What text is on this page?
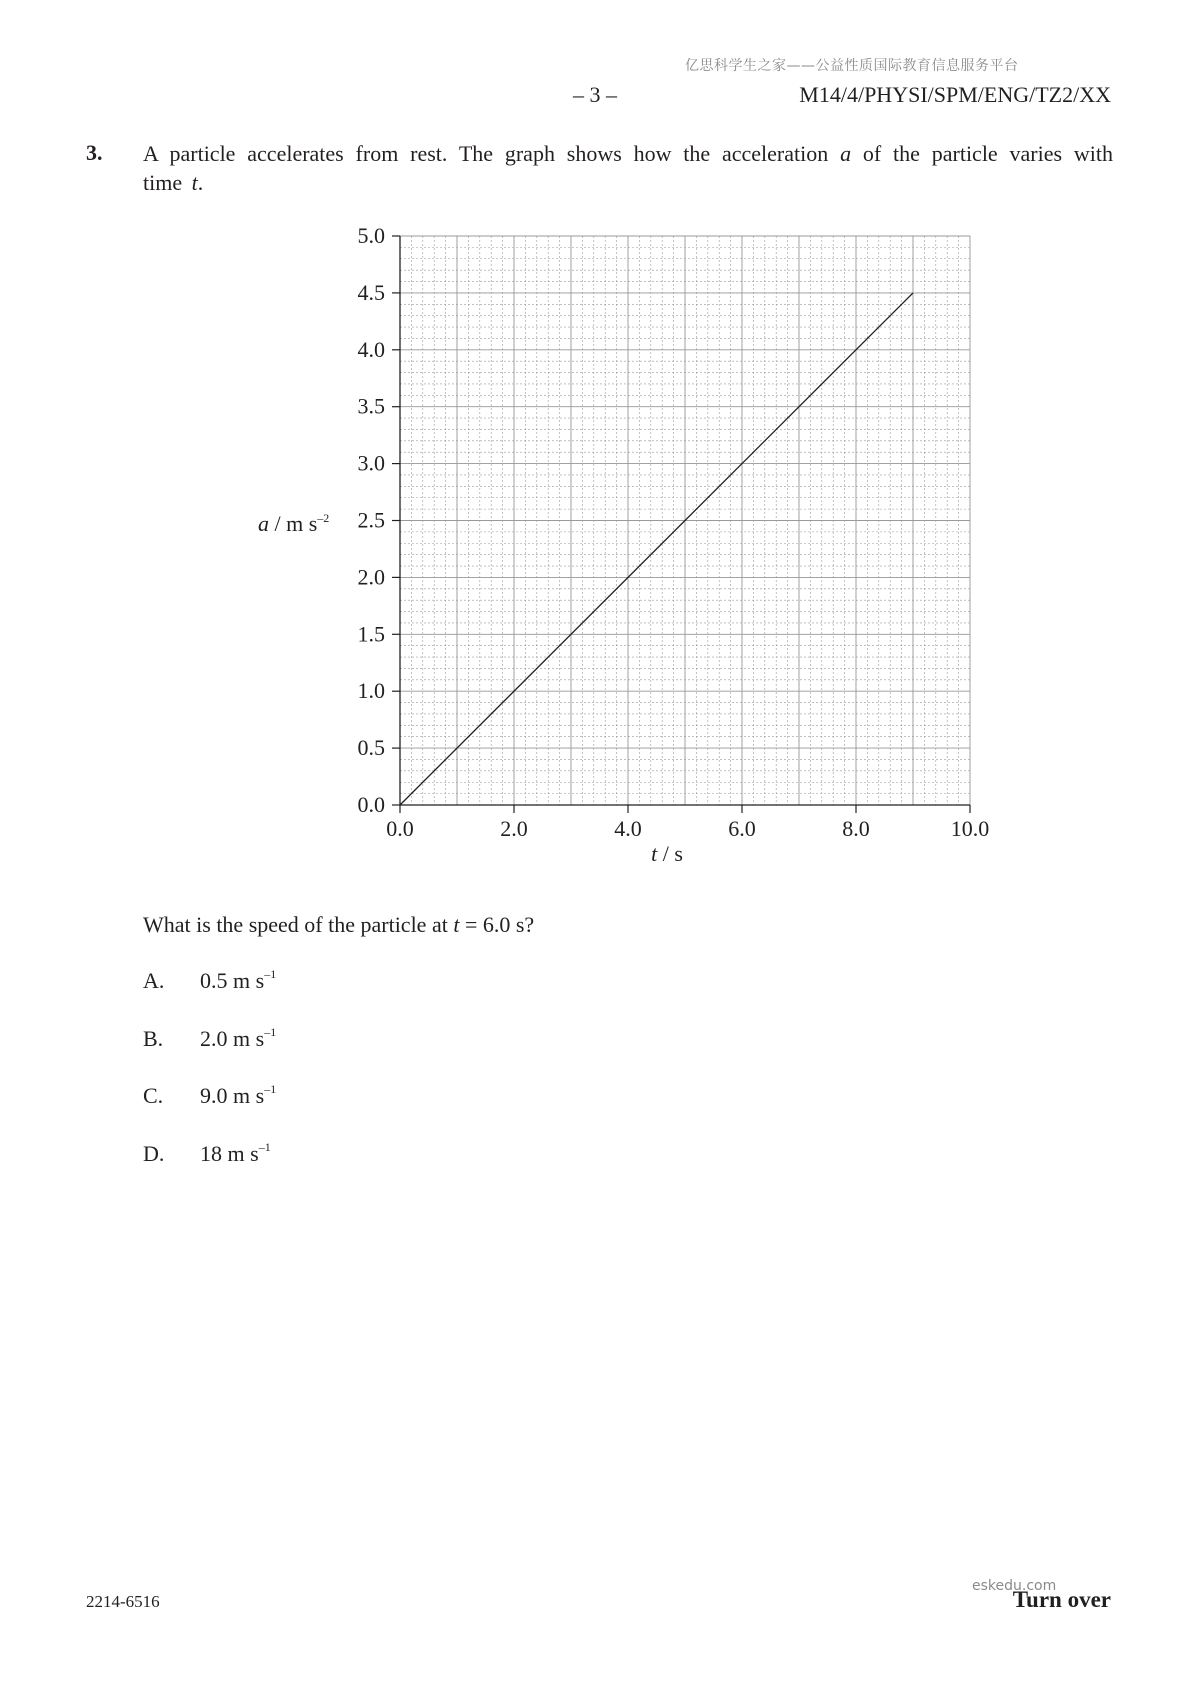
亿思科学生之家——公益性质国际教育信息服务平台
– 3 –	M14/4/PHYSI/SPM/ENG/TZ2/XX
3. A particle accelerates from rest. The graph shows how the acceleration a of the particle varies with time t.
0.0
0.5
1.0
1.5
2.0
2.5
3.0
3.5
4.0
4.5
5.0
0.0	2.0	4.0	6.0	8.0	10.0
a / m $s^{-2}$
t / s
What is the speed of the particle at t = 6.0 s?
A. 0.5 m $s^{-1}$
B. 2.0 m $s^{-1}$
C. 9.0 m $s^{-1}$
D. 18 m $s^{-1}$
2214-6516	Turn over
eskedu.com
